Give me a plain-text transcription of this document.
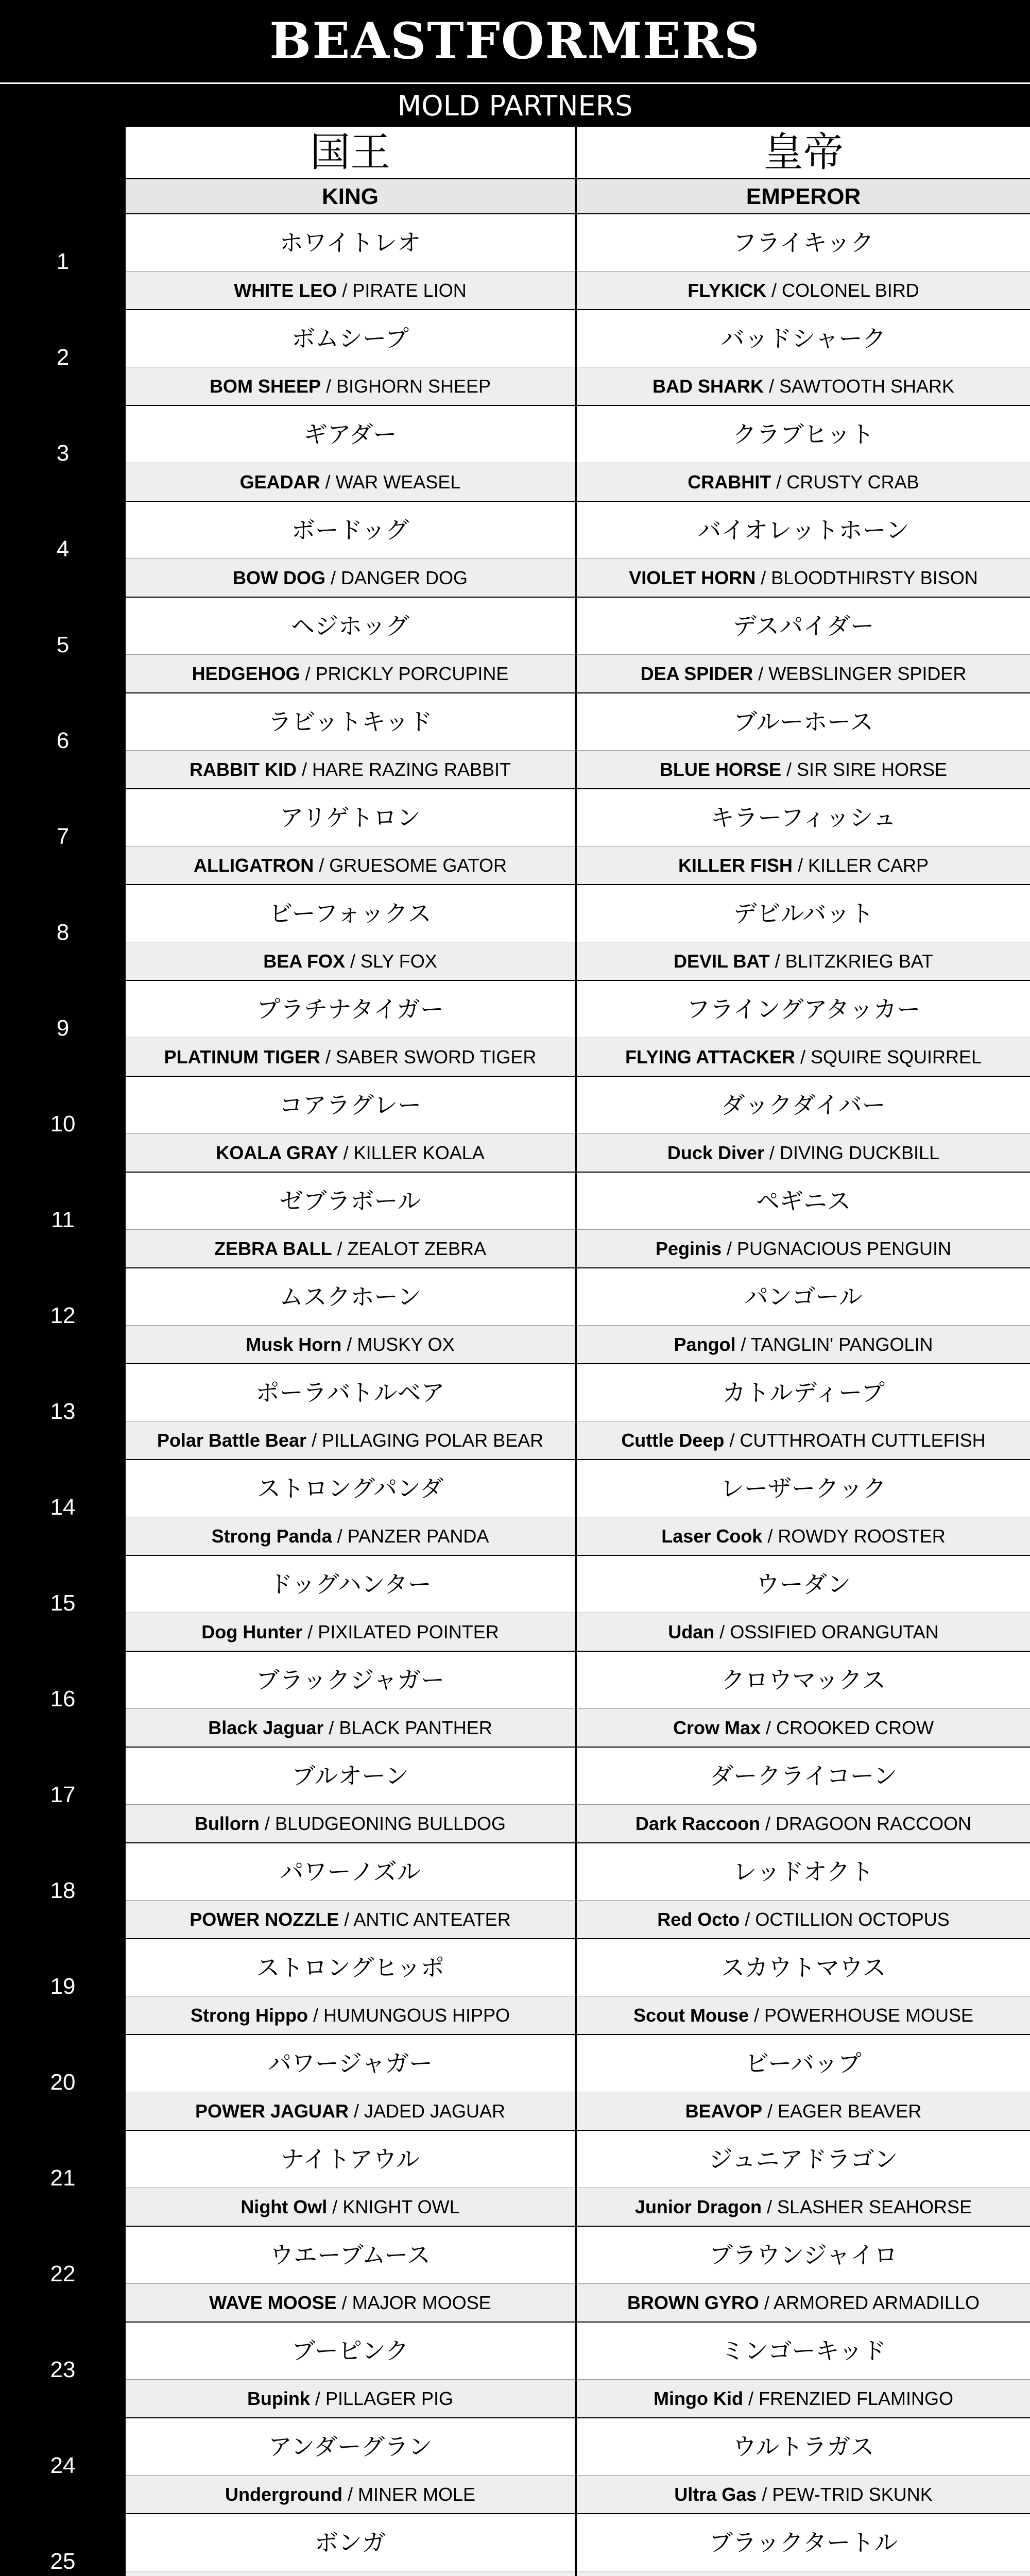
BEASTFORMERS
MOLD PARTNERS
国王	皇帝
KING	EMPEROR
1
ホワイトレオ	フライキック
WHITE LEO / PIRATE LION	FLYKICK / COLONEL BIRD
2
ボムシープ	バッドシャーク
BOM SHEEP / BIGHORN SHEEP	BAD SHARK / SAWTOOTH SHARK
3
ギアダー	クラブヒット
GEADAR / WAR WEASEL	CRABHIT / CRUSTY CRAB
4
ボードッグ	バイオレットホーン
BOW DOG / DANGER DOG	VIOLET HORN / BLOODTHIRSTY BISON
5
ヘジホッグ	デスパイダー
HEDGEHOG / PRICKLY PORCUPINE	DEA SPIDER / WEBSLINGER SPIDER
6
ラビットキッド	ブルーホース
RABBIT KID / HARE RAZING RABBIT	BLUE HORSE / SIR SIRE HORSE
7
アリゲトロン	キラーフィッシュ
ALLIGATRON / GRUESOME GATOR	KILLER FISH / KILLER CARP
8
ビーフォックス	デビルバット
BEA FOX / SLY FOX	DEVIL BAT / BLITZKRIEG BAT
9
プラチナタイガー	フライングアタッカー
PLATINUM TIGER / SABER SWORD TIGER	FLYING ATTACKER / SQUIRE SQUIRREL
10
コアラグレー	ダックダイバー
KOALA GRAY / KILLER KOALA	Duck Diver / DIVING DUCKBILL
11
ゼブラボール	ペギニス
ZEBRA BALL / ZEALOT ZEBRA	Peginis / PUGNACIOUS PENGUIN
12
ムスクホーン	パンゴール
Musk Horn / MUSKY OX	Pangol / TANGLIN' PANGOLIN
13
ポーラバトルベア	カトルディープ
Polar Battle Bear / PILLAGING POLAR BEAR	Cuttle Deep / CUTTHROATH CUTTLEFISH
14
ストロングパンダ	レーザークック
Strong Panda / PANZER PANDA	Laser Cook / ROWDY ROOSTER
15
ドッグハンター	ウーダン
Dog Hunter / PIXILATED POINTER	Udan / OSSIFIED ORANGUTAN
16
ブラックジャガー	クロウマックス
Black Jaguar / BLACK PANTHER	Crow Max / CROOKED CROW
17
ブルオーン	ダークライコーン
Bullorn / BLUDGEONING BULLDOG	Dark Raccoon / DRAGOON RACCOON
18
パワーノズル	レッドオクト
POWER NOZZLE / ANTIC ANTEATER	Red Octo / OCTILLION OCTOPUS
19
ストロングヒッポ	スカウトマウス
Strong Hippo / HUMUNGOUS HIPPO	Scout Mouse / POWERHOUSE MOUSE
20
パワージャガー	ビーバップ
POWER JAGUAR / JADED JAGUAR	BEAVOP / EAGER BEAVER
21
ナイトアウル	ジュニアドラゴン
Night Owl / KNIGHT OWL	Junior Dragon / SLASHER SEAHORSE
22
ウエーブムース	ブラウンジャイロ
WAVE MOOSE / MAJOR MOOSE	BROWN GYRO / ARMORED ARMADILLO
23
ブーピンク	ミンゴーキッド
Bupink / PILLAGER PIG	Mingo Kid / FRENZIED FLAMINGO
24
アンダーグラン	ウルトラガス
Underground / MINER MOLE	Ultra Gas / PEW-TRID SKUNK
25
ボンガ	ブラックタートル
